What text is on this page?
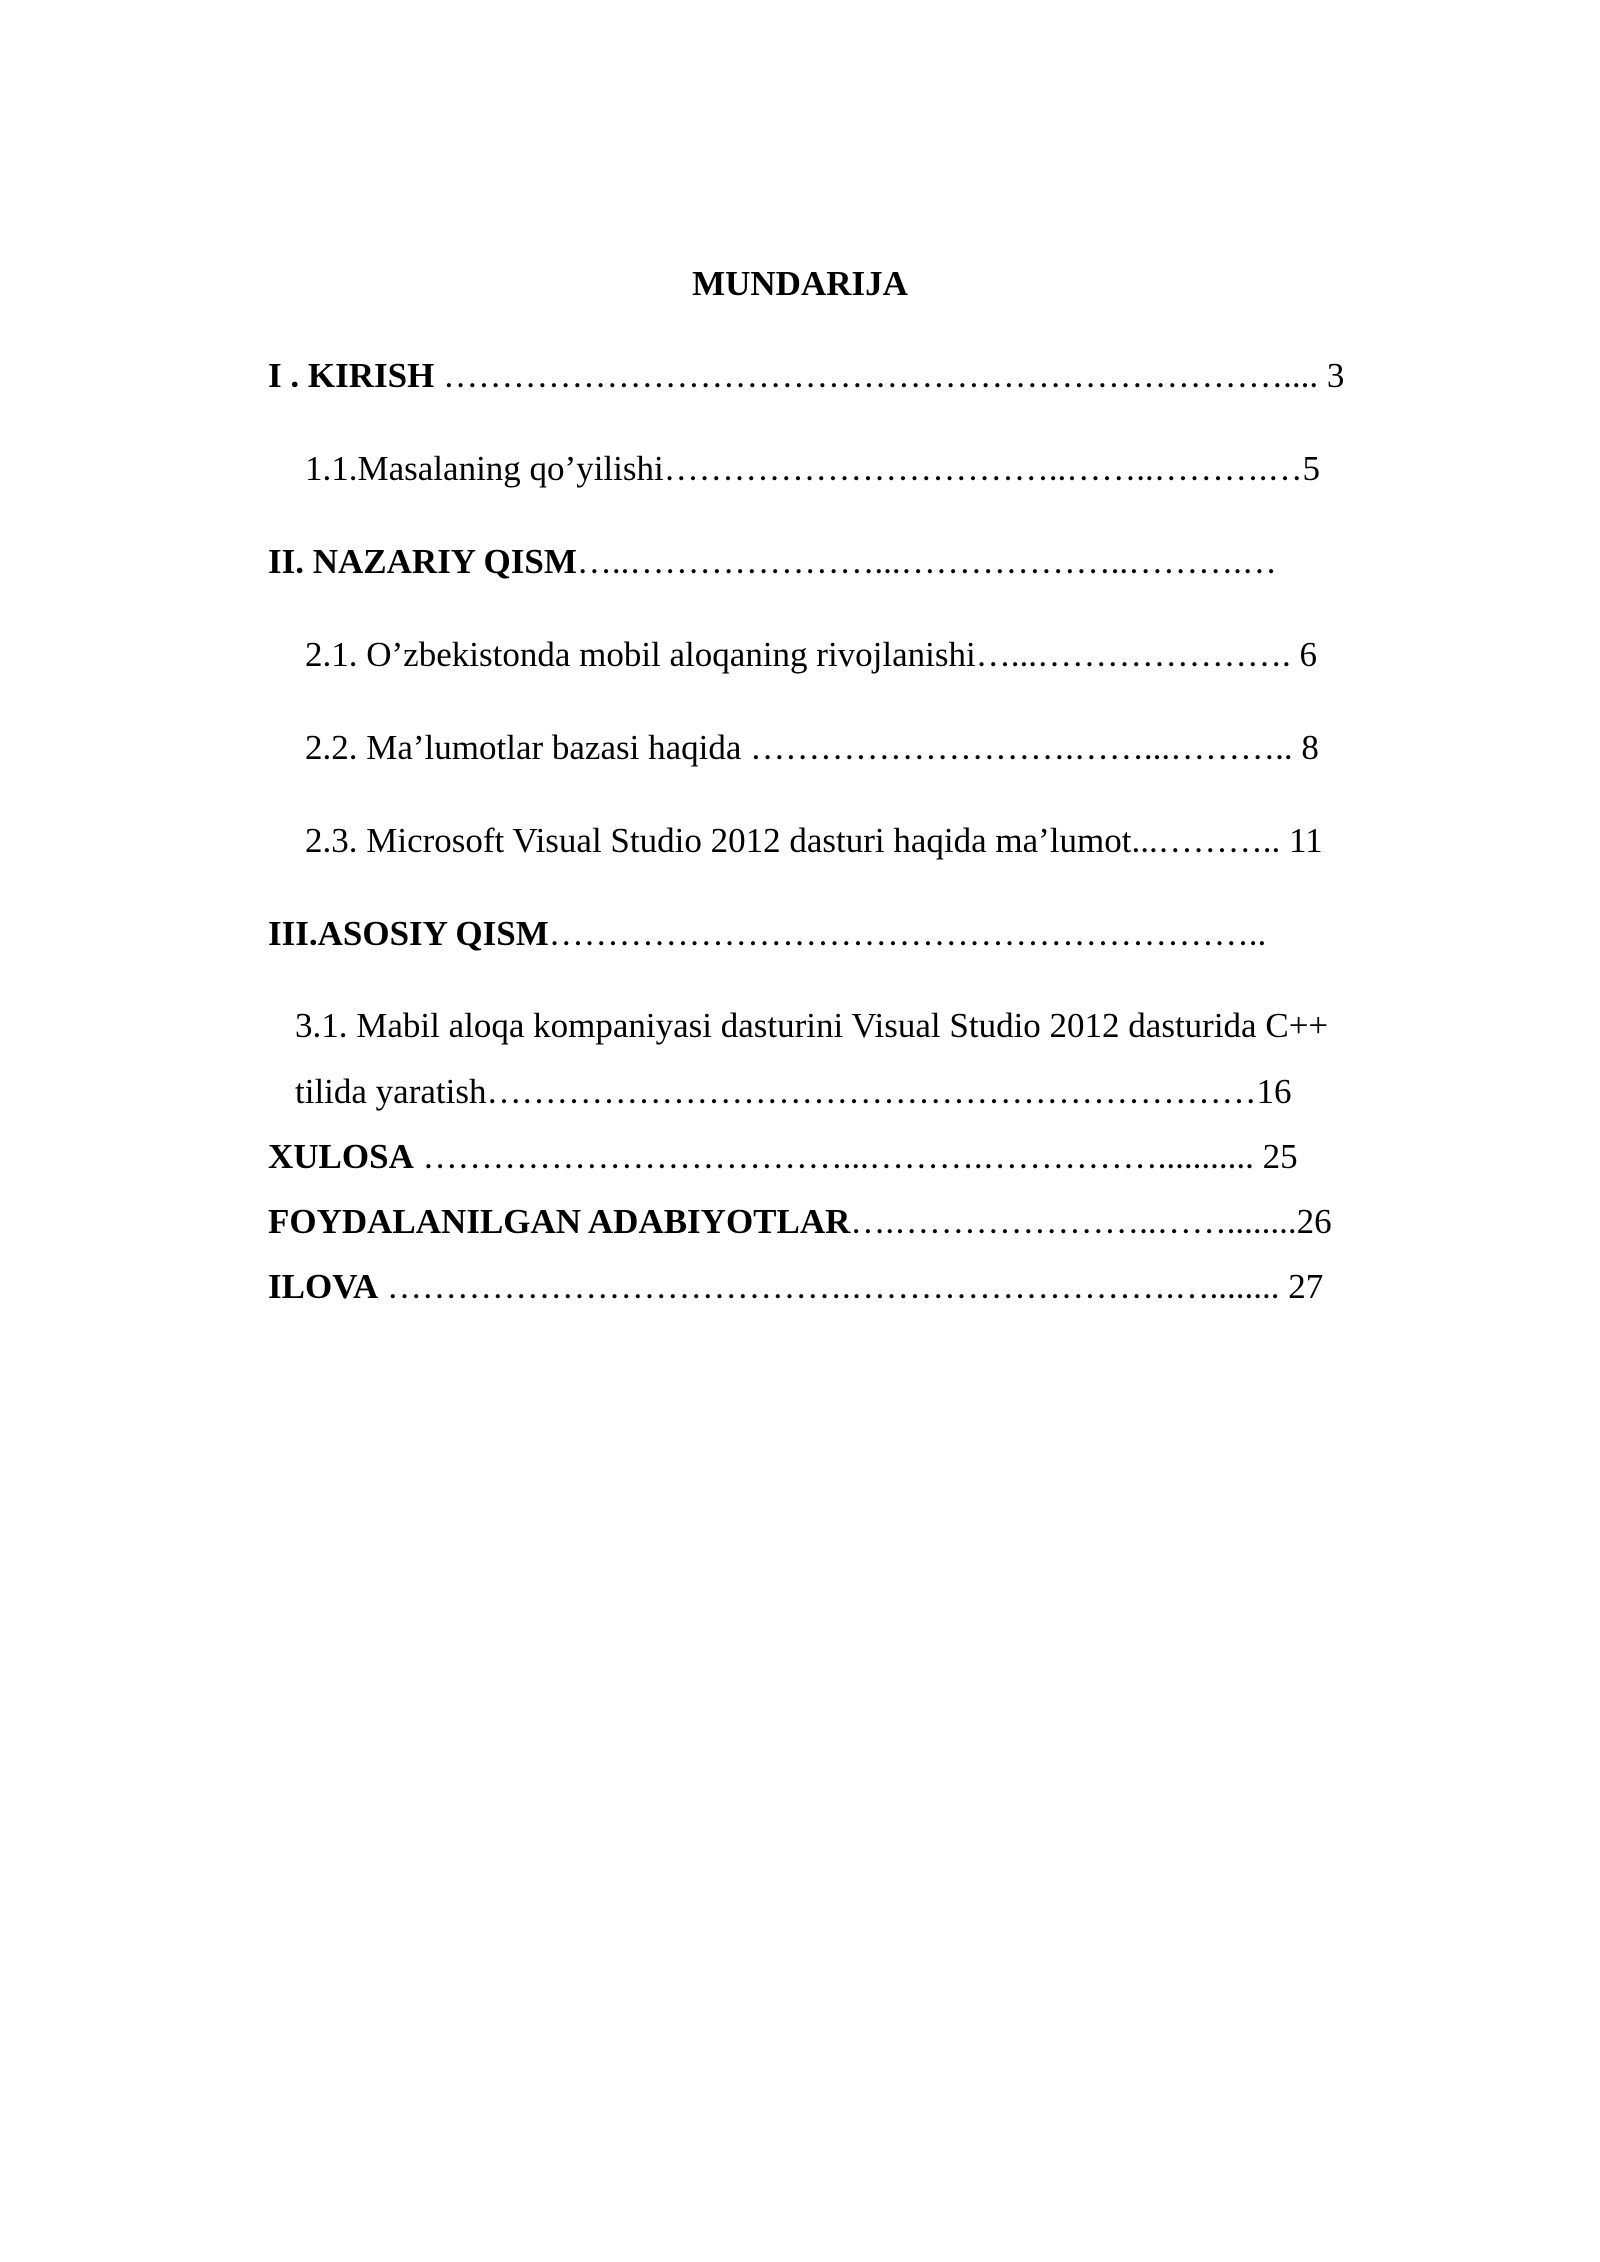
MUNDARIJA
I . KIRISH ……………………………………………………………….... 3
1.1.Masalaning qo’yilishi……………………………..……..……….…5
II. NAZARIY QISM…..…………………...………………..……….…
2.1. O’zbekistonda mobil aloqaning rivojlanishi…...…………………. 6
2.2. Ma’lumotlar bazasi haqida ……………………….……...……….. 8
2.3. Microsoft Visual Studio 2012 dasturi haqida ma’lumot...……….. 11
III.ASOSIY QISM……………………………………………………..
3.1. Mabil aloqa kompaniyasi dasturini Visual Studio 2012 dasturida C++
tilida yaratish…………………………………………………………16
XULOSA ………………………………...……….……………........... 25
FOYDALANILGAN ADABIYOTLAR….…………………..……........26
ILOVA ………………………………….……………………….…........ 27
